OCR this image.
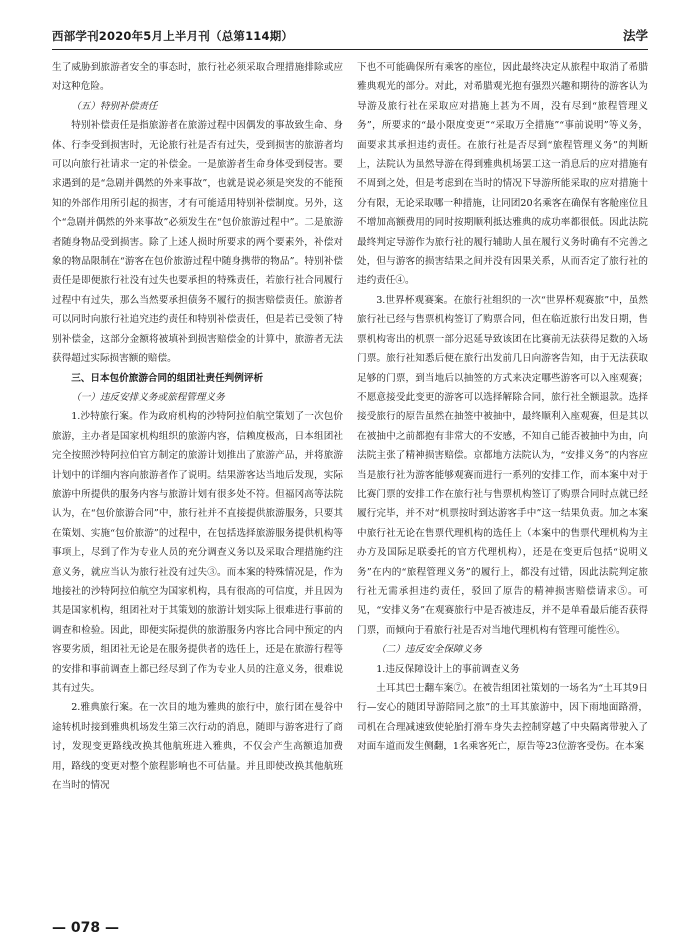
西部学刊2020年5月上半月刊（总第114期）	法学

生了威胁到旅游者安全的事态时，旅行社必须采取合理措施排除或应对这种危险。

（五）特别补偿责任

特别补偿责任是指旅游者在旅游过程中因偶发的事故致生命、身体、行李受到损害时，无论旅行社是否有过失，受到损害的旅游者均可以向旅行社请求一定的补偿金。一是旅游者生命身体受到侵害。要求遇到的是“急剧并偶然的外来事故”，也就是说必须是突发的不能预知的外部作用所引起的损害，才有可能适用特别补偿制度。另外，这个“急剧并偶然的外来事故”必须发生在“包价旅游过程中”。二是旅游者随身物品受到损害。除了上述人损时所要求的两个要素外，补偿对象的物品限制在“游客在包价旅游过程中随身携带的物品”。特别补偿责任是即便旅行社没有过失也要承担的特殊责任，若旅行社合同履行过程中有过失，那么当然要承担债务不履行的损害赔偿责任。旅游者可以同时向旅行社追究违约责任和特别补偿责任，但是若已受领了特别补偿金，这部分金额将被填补到损害赔偿金的计算中，旅游者无法获得超过实际损害额的赔偿。

三、日本包价旅游合同的组团社责任判例评析
（一）违反安排义务或旅程管理义务

1.沙特旅行案。作为政府机构的沙特阿拉伯航空策划了一次包价旅游，主办者是国家机构组织的旅游内容，信赖度极高，日本组团社完全按照沙特阿拉伯官方制定的旅游计划推出了旅游产品，并将旅游计划中的详细内容向旅游者作了说明。结果游客达当地后发现，实际旅游中所提供的服务内容与旅游计划有很多处不符。但福冈高等法院认为，在“包价旅游合同”中，旅行社并不直接提供旅游服务，只要其在策划、实施“包价旅游”的过程中，在包括选择旅游服务提供机构等事项上，尽到了作为专业人员的充分调查义务以及采取合理措施约注意义务，就应当认为旅行社没有过失③。而本案的特殊情况是，作为地接社的沙特阿拉伯航空为国家机构，具有很高的可信度，并且因为其是国家机构，组团社对于其策划的旅游计划实际上很难进行事前的调查和检验。因此，即便实际提供的旅游服务内容比合同中预定的内容要劣质，组团社无论是在服务提供者的选任上，还是在旅游行程等的安排和事前调查上都已经尽到了作为专业人员的注意义务，很难说其有过失。

2.雅典旅行案。在一次目的地为雅典的旅行中，旅行团在曼谷中途转机时接到雅典机场发生第三次行动的消息，随即与游客进行了商讨，发现变更路线改换其他航班进入雅典，不仅会产生高额追加费用，路线的变更对整个旅程影响也不可估量。并且即使改换其他航班在当时的情况

下也不可能确保所有乘客的座位，因此最终决定从旅程中取消了希腊雅典观光的部分。对此，对希腊观光抱有强烈兴趣和期待的游客认为导游及旅行社在采取应对措施上甚为不周，没有尽到“旅程管理义务”，所要求的“最小限度变更”“采取万全措施”“事前说明”等义务，面要求其承担违约责任。在旅行社是否尽到“旅程管理义务”的判断上，法院认为虽然导游在得到雅典机场罢工这一消息后的应对措施有不周到之处，但是考虑到在当时的情况下导游所能采取的应对措施十分有限，无论采取哪一种措施，让同团20名乘客在确保有客舱座位且不增加高额费用的同时按期顺利抵达雅典的成功率都很低。因此法院最终判定导游作为旅行社的履行辅助人虽在履行义务时确有不完善之处，但与游客的损害结果之间并没有因果关系，从而否定了旅行社的违约责任④。

3.世界杯观赛案。在旅行社组织的一次“世界杯观赛旅”中，虽然旅行社已经与售票机构签订了购票合同，但在临近旅行出发日期，售票机构寄出的机票一部分迟延导致该团在比赛前无法获得足数的入场门票。旅行社知悉后便在旅行出发前几日向游客告知，由于无法获取足够的门票，到当地后以抽签的方式来决定哪些游客可以入座观赛；不愿意接受此变更的游客可以选择解除合同，旅行社全额退款。选择接受旅行的原告虽然在抽签中被抽中，最终顺利入座观赛，但是其以在被抽中之前都抱有非常大的不安感，不知自己能否被抽中为由，向法院主张了精神损害赔偿。京都地方法院认为，“安排义务”的内容应当是旅行社为游客能够观赛而进行一系列的安排工作，而本案中对于比赛门票的安排工作在旅行社与售票机构签订了购票合同时点就已经履行完毕，并不对“机票按时到达游客手中”这一结果负责。加之本案中旅行社无论在售票代理机构的选任上（本案中的售票代理机构为主办方及国际足联委托的官方代理机构），还是在变更后包括“说明义务”在内的“旅程管理义务”的履行上，都没有过错，因此法院判定旅行社无需承担违约责任，驳回了原告的精神损害赔偿请求⑤。可见，“安排义务”在观赛旅行中是否被违反，并不是单看最后能否获得门票，而倾向于看旅行社是否对当地代理机构有管理可能性⑥。

（二）违反安全保障义务

1.违反保障设计上的事前调查义务

土耳其巴士翻车案⑦。在被告组团社策划的一场名为“土耳其9日行—安心的随团导游陪同之旅”的土耳其旅游中，因下雨地面路滑，司机在合理减速致使轮胎打滑车身失去控制穿越了中央隔离带驶入了对面车道而发生侧翻，1名乘客死亡，原告等23位游客受伤。在本案

— 078 —
